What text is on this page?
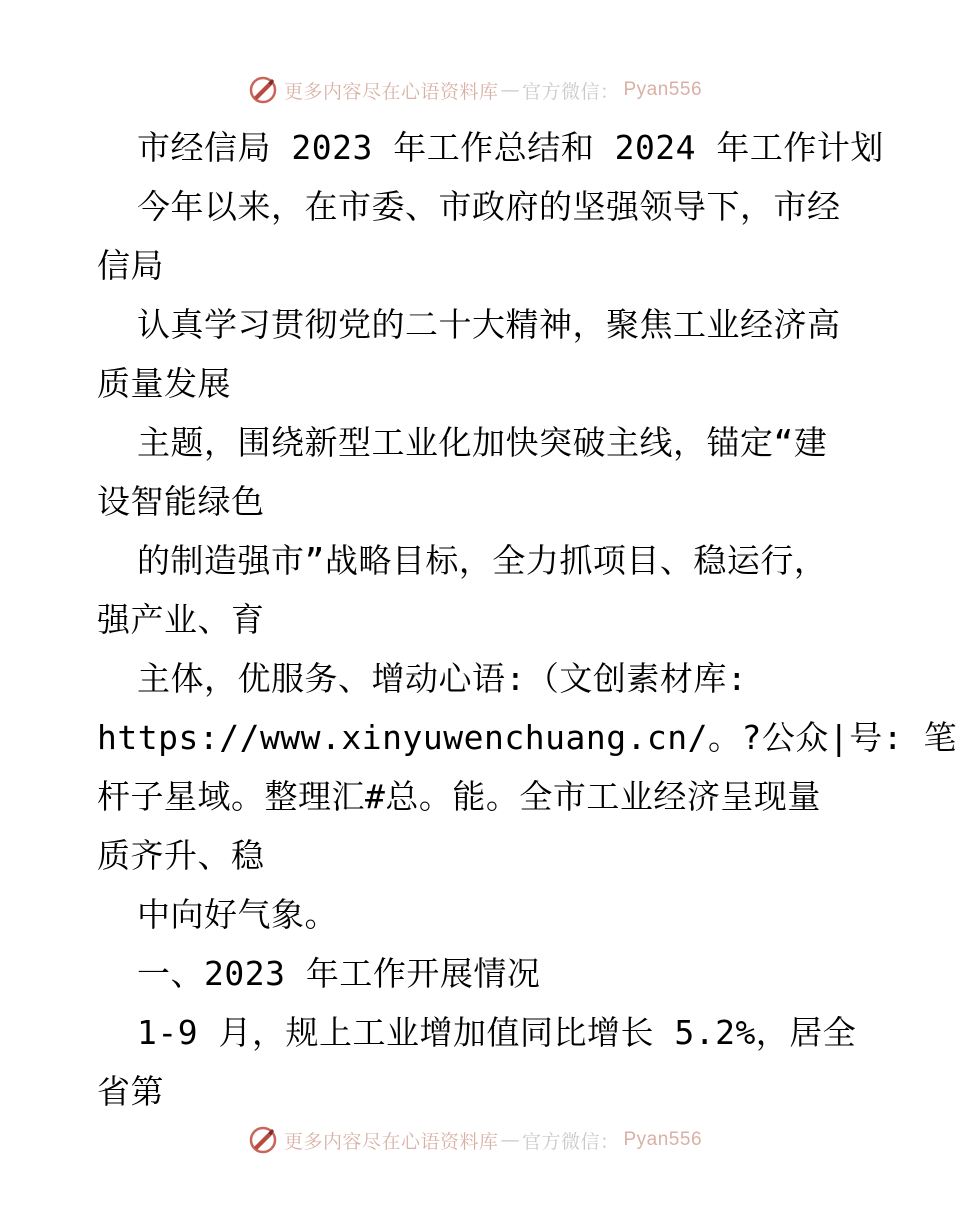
更多内容尽在心语资料库 — 官方微信： Pyan556
市经信局 2023 年工作总结和 2024 年工作计划
今年以来，在市委、市政府的坚强领导下，市经
信局
认真学习贯彻党的二十大精神，聚焦工业经济高
质量发展
主题，围绕新型工业化加快突破主线，锚定“建
设智能绿色
的制造强市”战略目标，全力抓项目、稳运行，
强产业、育
主体，优服务、增动心语:（文创素材库:
https://www.xinyuwenchuang.cn/。?公众|号: 笔
杆子星域。整理汇#总。能。全市工业经济呈现量
质齐升、稳
中向好气象。
一、2023 年工作开展情况
1-9 月，规上工业增加值同比增长 5.2%，居全
省第
更多内容尽在心语资料库 — 官方微信： Pyan556
